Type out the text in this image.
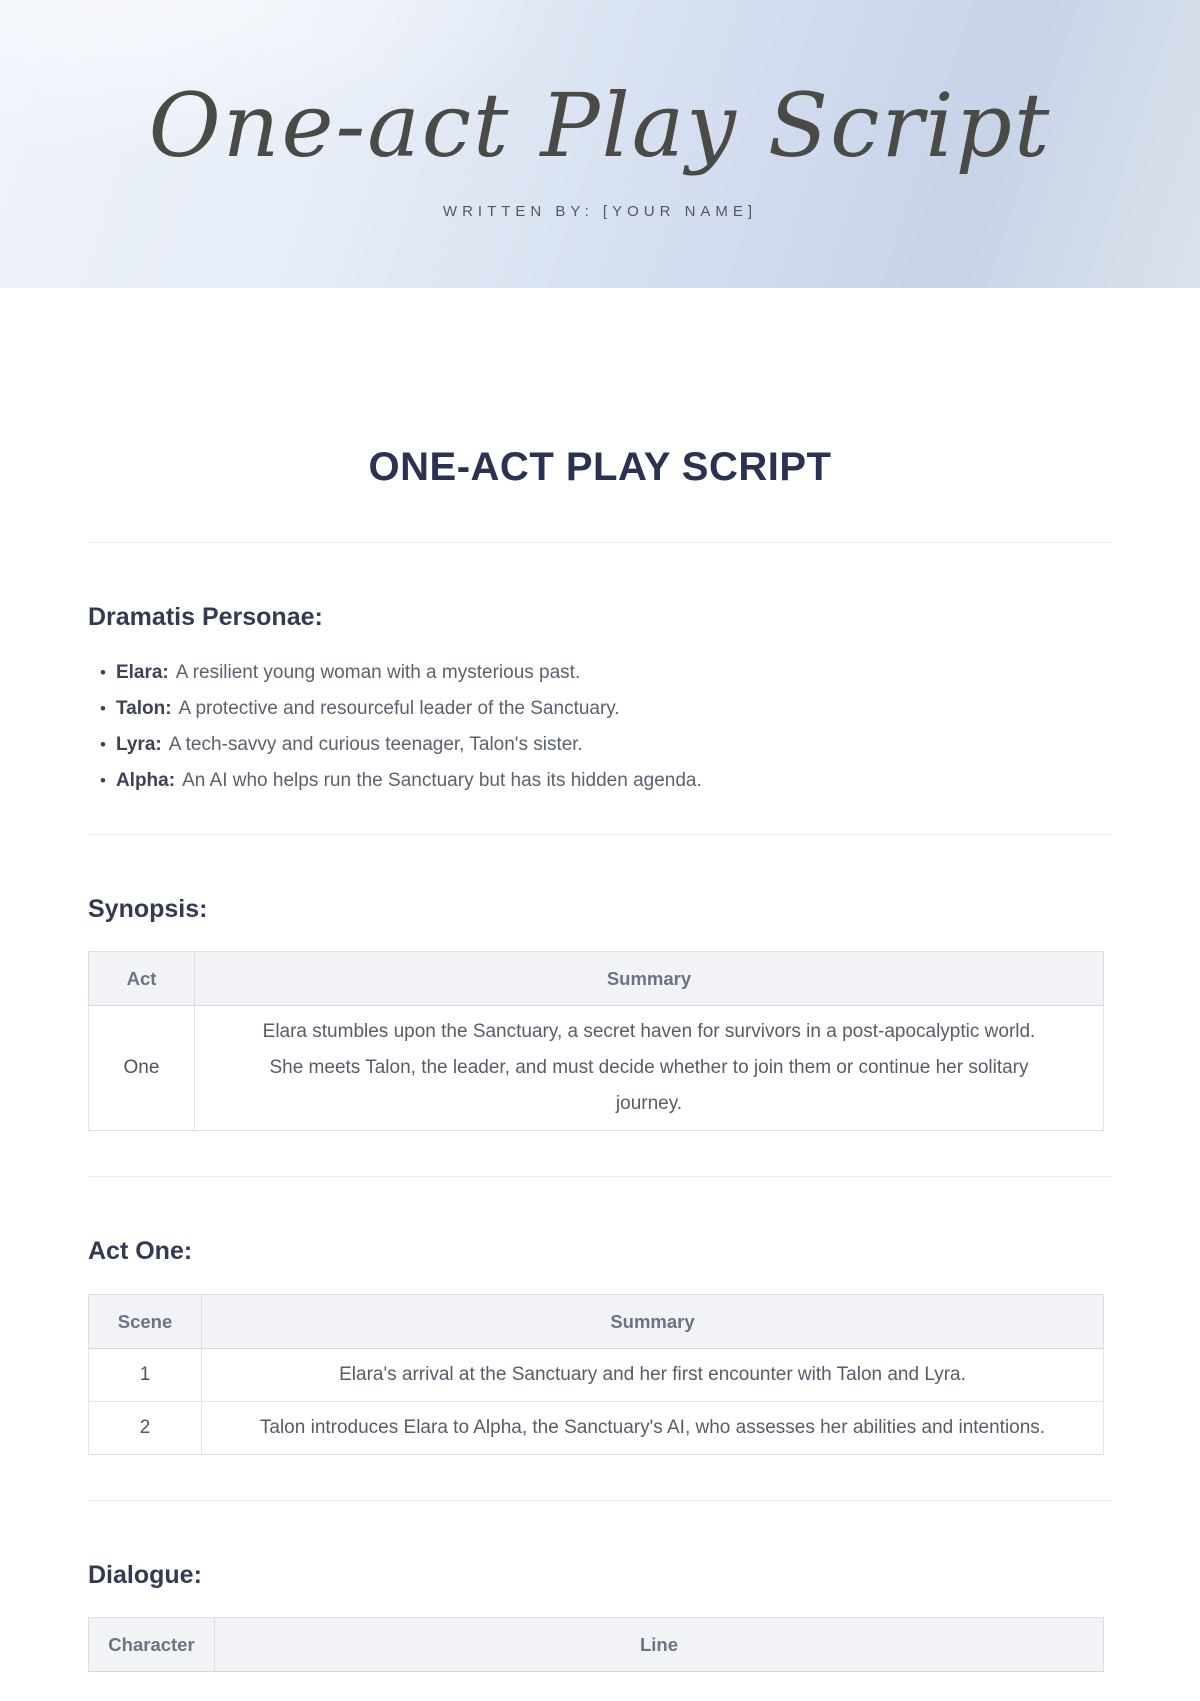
One-act Play Script
WRITTEN BY: [YOUR NAME]
ONE-ACT PLAY SCRIPT
Dramatis Personae:
• Elara: A resilient young woman with a mysterious past.
• Talon: A protective and resourceful leader of the Sanctuary.
• Lyra: A tech-savvy and curious teenager, Talon's sister.
• Alpha: An AI who helps run the Sanctuary but has its hidden agenda.
Synopsis:
Act	Summary
One	Elara stumbles upon the Sanctuary, a secret haven for survivors in a post-apocalyptic world. She meets Talon, the leader, and must decide whether to join them or continue her solitary journey.
Act One:
Scene	Summary
1	Elara's arrival at the Sanctuary and her first encounter with Talon and Lyra.
2	Talon introduces Elara to Alpha, the Sanctuary's AI, who assesses her abilities and intentions.
Dialogue:
Character	Line
